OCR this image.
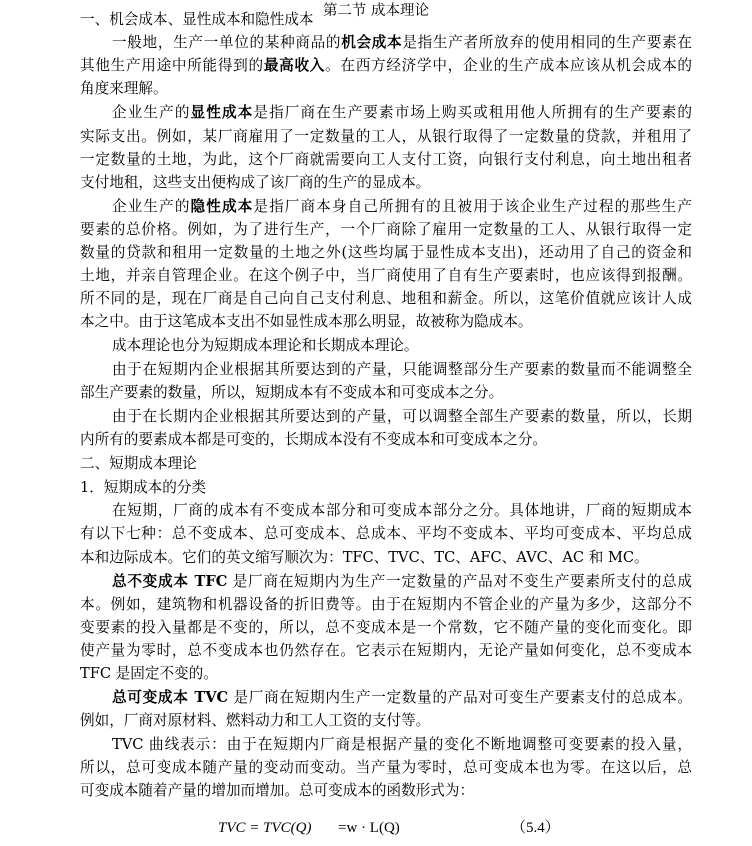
第二节 成本理论
一、机会成本、显性成本和隐性成本
一般地，生产一单位的某种商品的机会成本是指生产者所放弃的使用相同的生产要素在
其他生产用途中所能得到的最高收入。在西方经济学中，企业的生产成本应该从机会成本的
角度来理解。
企业生产的显性成本是指厂商在生产要素市场上购买或租用他人所拥有的生产要素的
实际支出。例如，某厂商雇用了一定数量的工人，从银行取得了一定数量的贷款，并租用了
一定数量的土地，为此，这个厂商就需要向工人支付工资，向银行支付利息，向土地出租者
支付地租，这些支出便构成了该厂商的生产的显成本。
企业生产的隐性成本是指厂商本身自己所拥有的且被用于该企业生产过程的那些生产
要素的总价格。例如，为了进行生产，一个厂商除了雇用一定数量的工人、从银行取得一定
数量的贷款和租用一定数量的土地之外(这些均属于显性成本支出)，还动用了自己的资金和
土地，并亲自管理企业。在这个例子中，当厂商使用了自有生产要素时，也应该得到报酬。
所不同的是，现在厂商是自己向自己支付利息、地租和薪金。所以，这笔价值就应该计人成
本之中。由于这笔成本支出不如显性成本那么明显，故被称为隐成本。
成本理论也分为短期成本理论和长期成本理论。
由于在短期内企业根据其所要达到的产量，只能调整部分生产要素的数量而不能调整全
部生产要素的数量，所以，短期成本有不变成本和可变成本之分。
由于在长期内企业根据其所要达到的产量，可以调整全部生产要素的数量，所以，长期
内所有的要素成本都是可变的，长期成本没有不变成本和可变成本之分。
二、短期成本理论
1．短期成本的分类
在短期，厂商的成本有不变成本部分和可变成本部分之分。具体地讲，厂商的短期成本
有以下七种：总不变成本、总可变成本、总成本、平均不变成本、平均可变成本、平均总成
本和边际成本。它们的英文缩写顺次为：TFC、TVC、TC、AFC、AVC、AC 和 MC。
总不变成本 TFC 是厂商在短期内为生产一定数量的产品对不变生产要素所支付的总成
本。例如，建筑物和机器设备的折旧费等。由于在短期内不管企业的产量为多少，这部分不
变要素的投入量都是不变的，所以，总不变成本是一个常数，它不随产量的变化而变化。即
使产量为零时，总不变成本也仍然存在。它表示在短期内，无论产量如何变化，总不变成本
TFC 是固定不变的。
总可变成本 TVC 是厂商在短期内生产一定数量的产品对可变生产要素支付的总成本。
例如，厂商对原材料、燃料动力和工人工资的支付等。
TVC 曲线表示：由于在短期内厂商是根据产量的变化不断地调整可变要素的投入量，
所以，总可变成本随产量的变动而变动。当产量为零时，总可变成本也为零。在这以后，总
可变成本随着产量的增加而增加。总可变成本的函数形式为：
TVC = TVC(Q) =w · L(Q)	（5.4）
